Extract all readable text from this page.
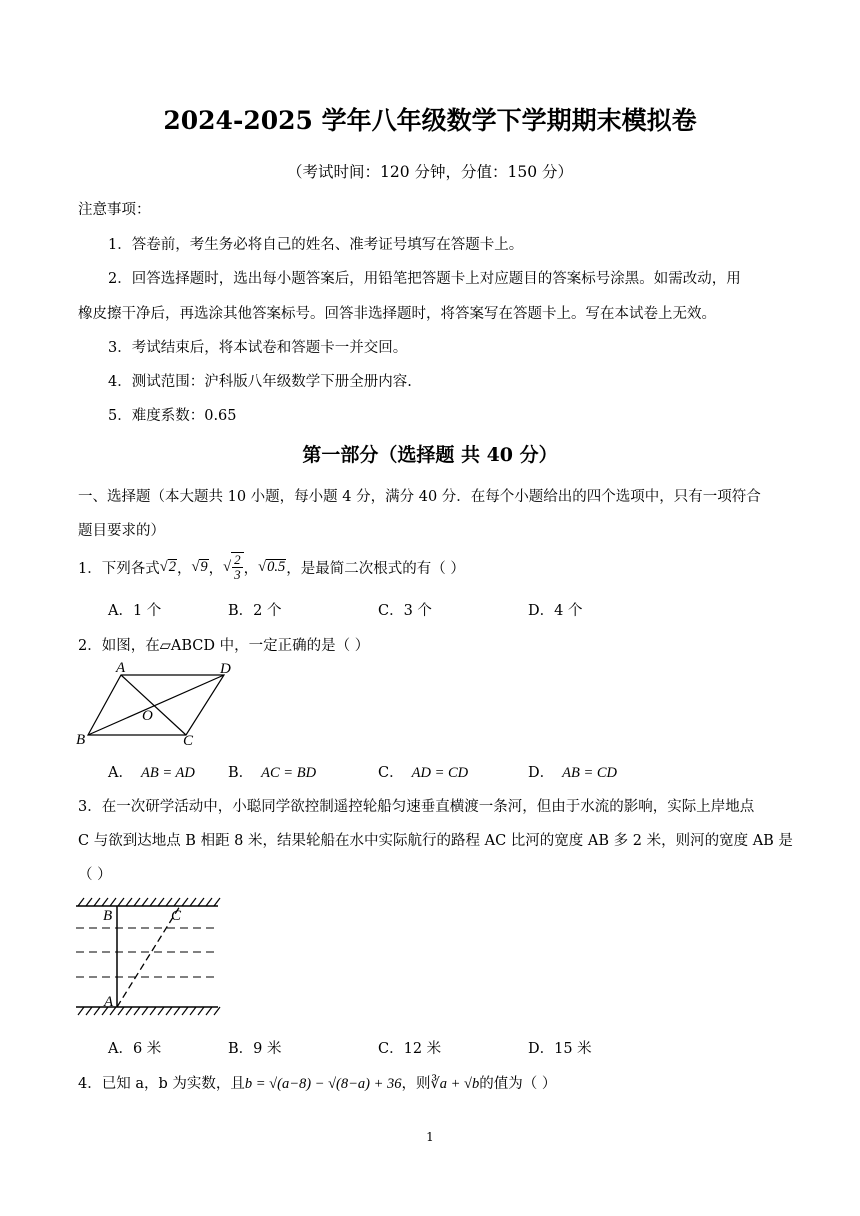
2024-2025 学年八年级数学下学期期末模拟卷
（考试时间：120 分钟，分值：150 分）
注意事项：
1．答卷前，考生务必将自己的姓名、准考证号填写在答题卡上。
2．回答选择题时，选出每小题答案后，用铅笔把答题卡上对应题目的答案标号涂黑。如需改动，用
橡皮擦干净后，再选涂其他答案标号。回答非选择题时，将答案写在答题卡上。写在本试卷上无效。
3．考试结束后，将本试卷和答题卡一并交回。
4．测试范围：沪科版八年级数学下册全册内容.
5．难度系数：0.65
第一部分（选择题 共 40 分）
一、选择题（本大题共 10 小题，每小题 4 分，满分 40 分．在每个小题给出的四个选项中，只有一项符合
题目要求的）
1．下列各式 √2 ， √9 ， √ $\frac{2}{3}$ ， √0.5 ，是最简二次根式的有（ ）
A．1 个	B．2 个	C．3 个	D．4 个
2．如图，在▱ABCD 中，一定正确的是（ ）
A	D
O
B	C
A． AB = AD B． AC = BD	C． AD = CD	D． AB = CD
3．在一次研学活动中，小聪同学欲控制遥控轮船匀速垂直横渡一条河，但由于水流的影响，实际上岸地点
C 与欲到达地点 B 相距 8 米，结果轮船在水中实际航行的路程 AC 比河的宽度 AB 多 2 米，则河的宽度 AB 是
（ ）
B	C
A
A．6 米	B．9 米	C．12 米	D．15 米
4．已知 a，b 为实数，且b = √(a−8) − √(8−a) + 36，则∛a + √b的值为（ ）
1
